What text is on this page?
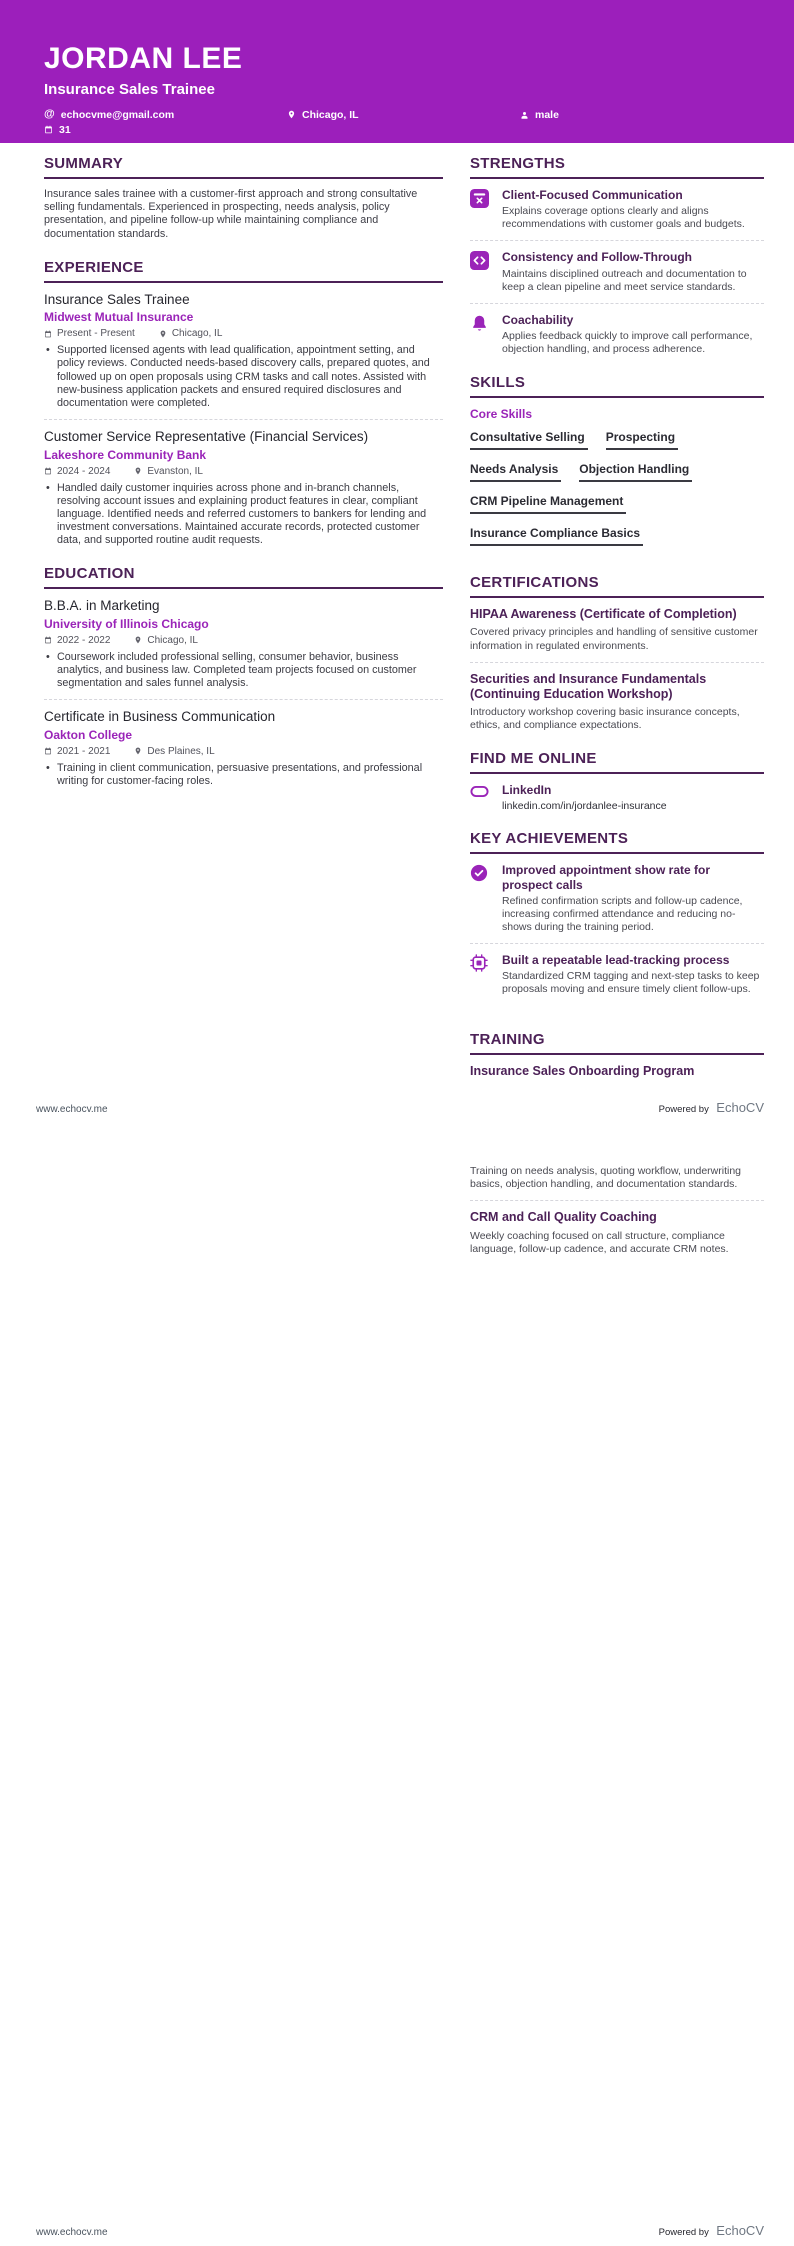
JORDAN LEE
Insurance Sales Trainee
@ echocvme@gmail.com	Chicago, IL	male
31
SUMMARY

Insurance sales trainee with a customer-first approach and strong consultative selling fundamentals. Experienced in prospecting, needs analysis, policy presentation, and pipeline follow-up while maintaining compliance and documentation standards.

EXPERIENCE
Insurance Sales Trainee
Midwest Mutual Insurance
Present - Present	Chicago, IL
• Supported licensed agents with lead qualification, appointment setting, and policy reviews. Conducted needs-based discovery calls, prepared quotes, and followed up on open proposals using CRM tasks and call notes. Assisted with new-business application packets and ensured required disclosures and documentation were completed.
Customer Service Representative (Financial Services)
Lakeshore Community Bank
2024 - 2024	Evanston, IL
• Handled daily customer inquiries across phone and in-branch channels, resolving account issues and explaining product features in clear, compliant language. Identified needs and referred customers to bankers for lending and investment conversations. Maintained accurate records, protected customer data, and supported routine audit requests.
EDUCATION
B.B.A. in Marketing
University of Illinois Chicago
2022 - 2022	Chicago, IL
• Coursework included professional selling, consumer behavior, business analytics, and business law. Completed team projects focused on customer segmentation and sales funnel analysis.
Certificate in Business Communication
Oakton College
2021 - 2021	Des Plaines, IL
• Training in client communication, persuasive presentations, and professional writing for customer-facing roles.
STRENGTHS
Client-Focused Communication
Explains coverage options clearly and aligns recommendations with customer goals and budgets.
Consistency and Follow-Through
Maintains disciplined outreach and documentation to keep a clean pipeline and meet service standards.
Coachability
Applies feedback quickly to improve call performance, objection handling, and process adherence.
SKILLS
Core Skills
Consultative Selling ProspectingNeeds Analysis Objection HandlingCRM Pipeline ManagementInsurance Compliance Basics
CERTIFICATIONS
HIPAA Awareness (Certificate of Completion)
Covered privacy principles and handling of sensitive customer information in regulated environments.
Securities and Insurance Fundamentals (Continuing Education Workshop)
Introductory workshop covering basic insurance concepts, ethics, and compliance expectations.
FIND ME ONLINE
LinkedIn
linkedin.com/in/jordanlee-insurance
KEY ACHIEVEMENTS
Improved appointment show rate for prospect calls
Refined confirmation scripts and follow-up cadence, increasing confirmed attendance and reducing no-shows during the training period.
Built a repeatable lead-tracking process
Standardized CRM tagging and next-step tasks to keep proposals moving and ensure timely client follow-ups.
TRAINING
Insurance Sales Onboarding Program
www.echocv.me	Powered by EchoCV
Training on needs analysis, quoting workflow, underwriting basics, objection handling, and documentation standards.
CRM and Call Quality Coaching
Weekly coaching focused on call structure, compliance language, follow-up cadence, and accurate CRM notes.
www.echocv.me	Powered by EchoCV
